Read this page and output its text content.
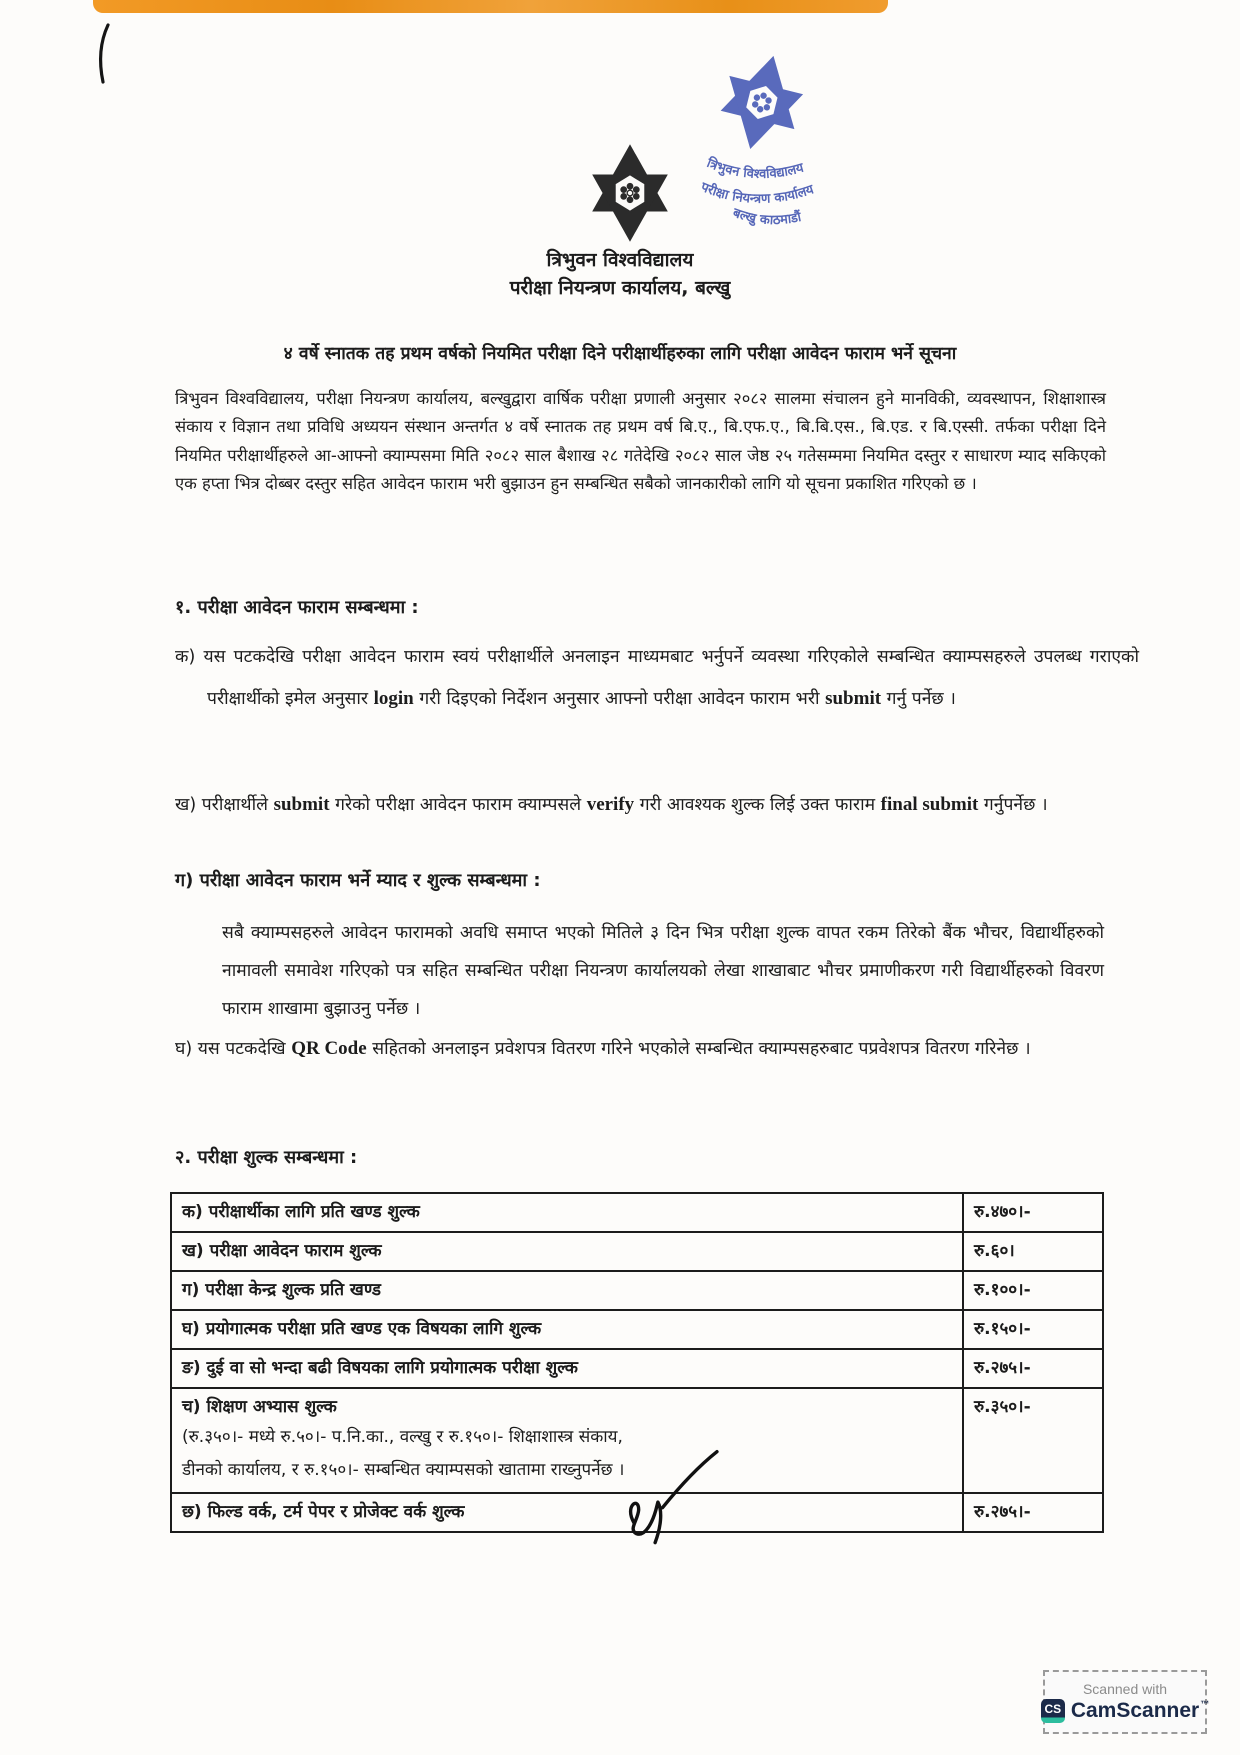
त्रिभुवन विश्वविद्यालय
परीक्षा नियन्त्रण कार्यालय
बल्खु काठमाडौं
त्रिभुवन विश्वविद्यालय
परीक्षा नियन्त्रण कार्यालय, बल्खु
४ वर्षे स्नातक तह प्रथम वर्षको नियमित परीक्षा दिने परीक्षार्थीहरुका लागि परीक्षा आवेदन फाराम भर्ने सूचना

त्रिभुवन विश्वविद्यालय, परीक्षा नियन्त्रण कार्यालय, बल्खुद्वारा वार्षिक परीक्षा प्रणाली अनुसार २०८२ सालमा संचालन हुने मानविकी, व्यवस्थापन, शिक्षाशास्त्र संकाय र विज्ञान तथा प्रविधि अध्ययन संस्थान अन्तर्गत ४ वर्षे स्नातक तह प्रथम वर्ष बि.ए., बि.एफ.ए., बि.बि.एस., बि.एड. र बि.एस्सी. तर्फका परीक्षा दिने नियमित परीक्षार्थीहरुले आ-आफ्नो क्याम्पसमा मिति २०८२ साल बैशाख २८ गतेदेखि २०८२ साल जेष्ठ २५ गतेसम्ममा नियमित दस्तुर र साधारण म्याद सकिएको एक हप्ता भित्र दोब्बर दस्तुर सहित आवेदन फाराम भरी बुझाउन हुन सम्बन्धित सबैको जानकारीको लागि यो सूचना प्रकाशित गरिएको छ ।

१. परीक्षा आवेदन फाराम सम्बन्धमा :
क) यस पटकदेखि परीक्षा आवेदन फाराम स्वयं परीक्षार्थीले अनलाइन माध्यमबाट भर्नुपर्ने व्यवस्था गरिएकोले सम्बन्धित क्याम्पसहरुले उपलब्ध गराएको परीक्षार्थीको इमेल अनुसार login गरी दिइएको निर्देशन अनुसार आफ्नो परीक्षा आवेदन फाराम भरी submit गर्नु पर्नेछ ।
ख) परीक्षार्थीले submit गरेको परीक्षा आवेदन फाराम क्याम्पसले verify गरी आवश्यक शुल्क लिई उक्त फाराम final submit गर्नुपर्नेछ ।
ग) परीक्षा आवेदन फाराम भर्ने म्याद र शुल्क सम्बन्धमा :
सबै क्याम्पसहरुले आवेदन फारामको अवधि समाप्त भएको मितिले ३ दिन भित्र परीक्षा शुल्क वापत रकम तिरेको बैंक भौचर, विद्यार्थीहरुको नामावली समावेश गरिएको पत्र सहित सम्बन्धित परीक्षा नियन्त्रण कार्यालयको लेखा शाखाबाट भौचर प्रमाणीकरण गरी विद्यार्थीहरुको विवरण फाराम शाखामा बुझाउनु पर्नेछ ।
घ) यस पटकदेखि QR Code सहितको अनलाइन प्रवेशपत्र वितरण गरिने भएकोले सम्बन्धित क्याम्पसहरुबाट पप्रवेशपत्र वितरण गरिनेछ ।
२. परीक्षा शुल्क सम्बन्धमा :
क) परीक्षार्थीका लागि प्रति खण्ड शुल्क	रु.४७०।-

ख) परीक्षा आवेदन फाराम शुल्क	रु.६०।

ग) परीक्षा केन्द्र शुल्क प्रति खण्ड	रु.१००।-

घ) प्रयोगात्मक परीक्षा प्रति खण्ड एक विषयका लागि शुल्क	रु.१५०।-

ङ) दुई वा सो भन्दा बढी विषयका लागि प्रयोगात्मक परीक्षा शुल्क	रु.२७५।-

च) शिक्षण अभ्यास शुल्क
(रु.३५०।- मध्ये रु.५०।- प.नि.का., वल्खु र रु.१५०।- शिक्षाशास्त्र संकाय,
डीनको कार्यालय, र रु.१५०।- सम्बन्धित क्याम्पसको खातामा राख्नुपर्नेछ ।	रु.३५०।-

छ) फिल्ड वर्क, टर्म पेपर र प्रोजेक्ट वर्क शुल्क	रु.२७५।-
Scanned with
CS CamScanner™
